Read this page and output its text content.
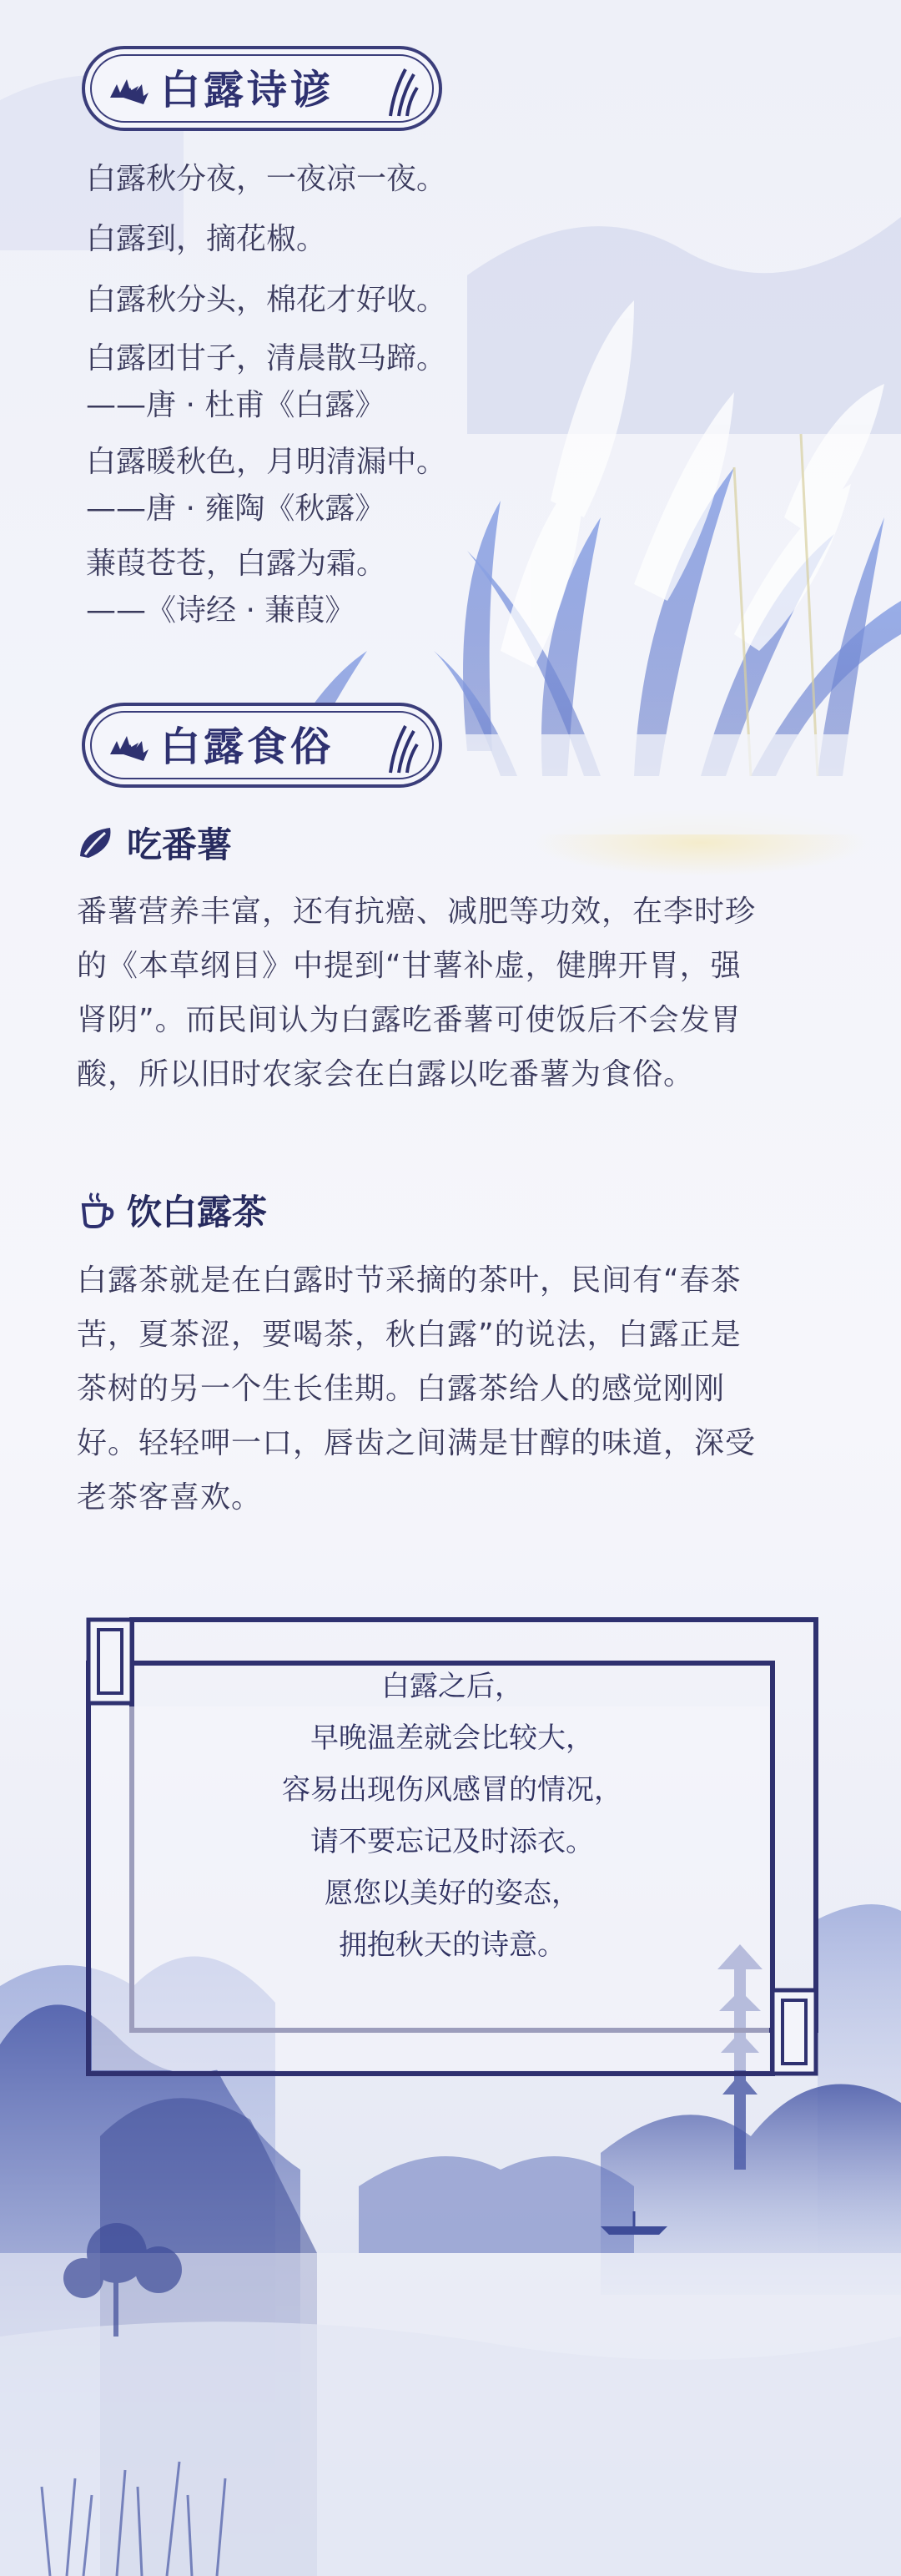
白露诗谚
白露秋分夜，一夜凉一夜。
白露到，摘花椒。
白露秋分头，棉花才好收。
白露团甘子，清晨散马蹄。
——唐 · 杜甫《白露》
白露暖秋色，月明清漏中。
——唐 · 雍陶《秋露》
蒹葭苍苍，白露为霜。
——《诗经 · 蒹葭》
白露食俗
吃番薯
番薯营养丰富，还有抗癌、减肥等功效，在李时珍
的《本草纲目》中提到“甘薯补虚，健脾开胃，强
肾阴”。而民间认为白露吃番薯可使饭后不会发胃
酸，所以旧时农家会在白露以吃番薯为食俗。
饮白露茶
白露茶就是在白露时节采摘的茶叶，民间有“春茶
苦，夏茶涩，要喝茶，秋白露”的说法，白露正是
茶树的另一个生长佳期。白露茶给人的感觉刚刚
好。轻轻呷一口，唇齿之间满是甘醇的味道，深受
老茶客喜欢。
白露之后，
早晚温差就会比较大，
容易出现伤风感冒的情况，
请不要忘记及时添衣。
愿您以美好的姿态，
拥抱秋天的诗意。
